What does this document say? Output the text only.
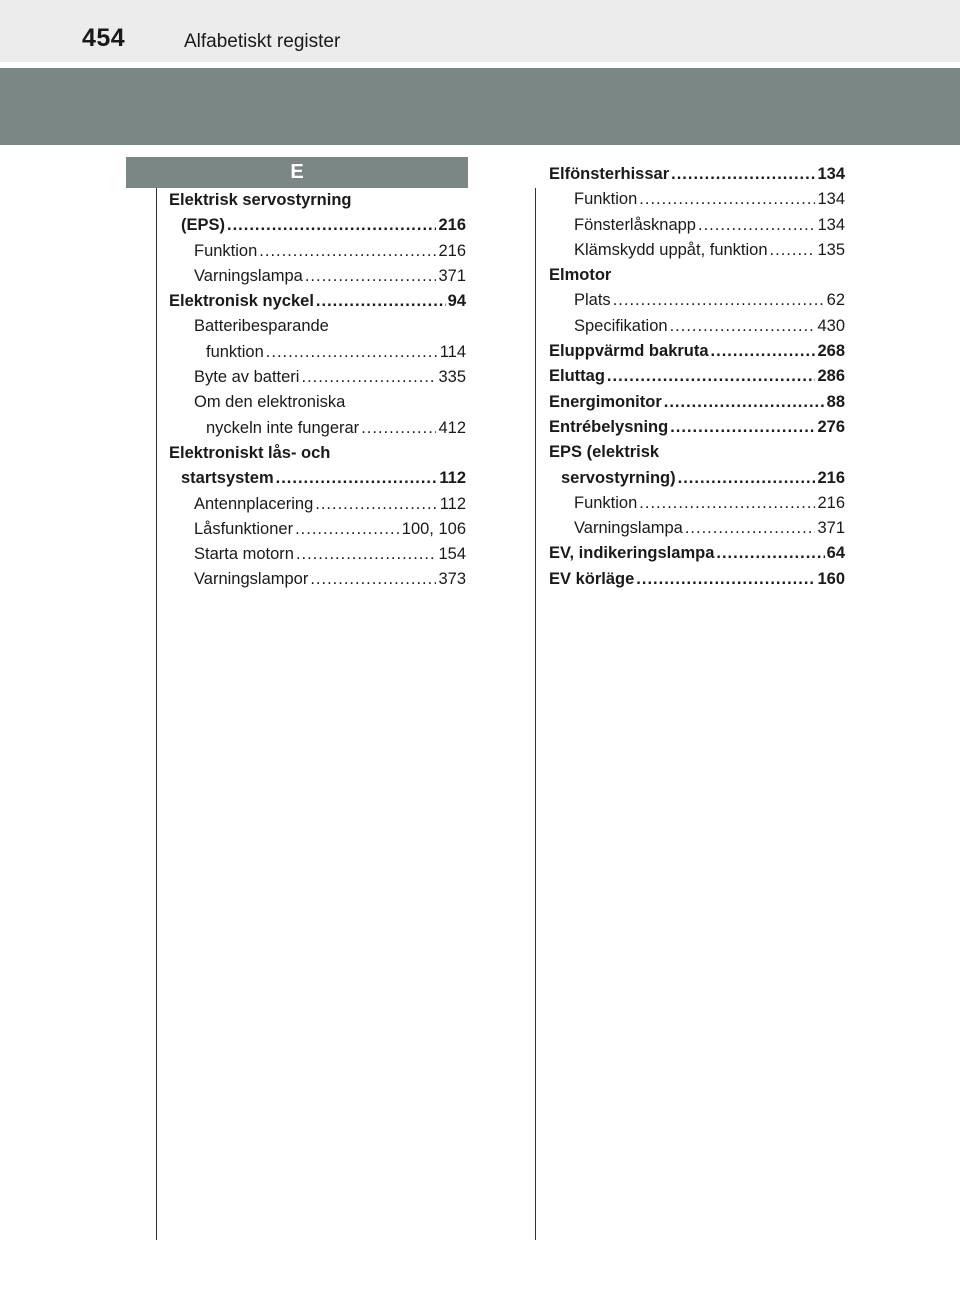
454	Alfabetiskt register
E
Elektrisk servostyrning
(EPS) .....	216
Funktion .....	216
Varningslampa .....	371
Elektronisk nyckel .....	94
Batteribesparande
funktion .....	114
Byte av batteri .....	335
Om den elektroniska
nyckeln inte fungerar .....	412
Elektroniskt lås- och
startsystem .....	112
Antennplacering .....	112
Låsfunktioner .....	100, 106
Starta motorn .....	154
Varningslampor .....	373
Elfönsterhissar .....	134
Funktion .....	134
Fönsterlåsknapp .....	134
Klämskydd uppåt, funktion .....	135
Elmotor
Plats .....	62
Specifikation .....	430
Eluppvärmd bakruta .....	268
Eluttag .....	286
Energimonitor .....	88
Entrébelysning .....	276
EPS (elektrisk
servostyrning) .....	216
Funktion .....	216
Varningslampa .....	371
EV, indikeringslampa .....	64
EV körläge .....	160
